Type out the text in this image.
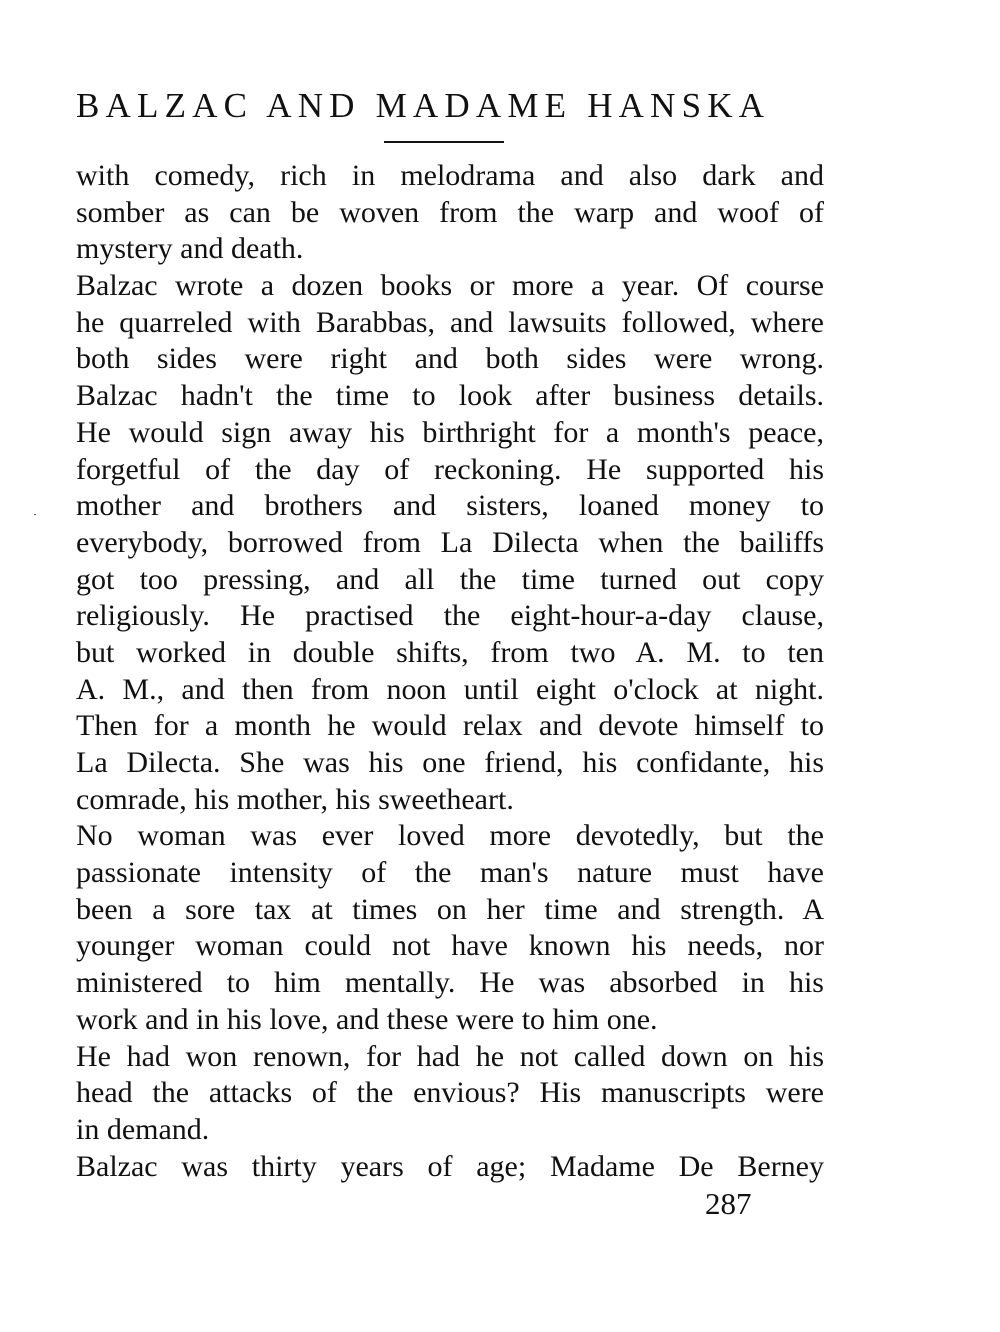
BALZAC AND MADAME HANSKA
with comedy, rich in melodrama and also dark and
somber as can be woven from the warp and woof of
mystery and death.
Balzac wrote a dozen books or more a year. Of course
he quarreled with Barabbas, and lawsuits followed, where
both sides were right and both sides were wrong.
Balzac hadn't the time to look after business details.
He would sign away his birthright for a month's peace,
forgetful of the day of reckoning. He supported his
mother and brothers and sisters, loaned money to
everybody, borrowed from La Dilecta when the bailiffs
got too pressing, and all the time turned out copy
religiously. He practised the eight-hour-a-day clause,
but worked in double shifts, from two A. M. to ten
A. M., and then from noon until eight o'clock at night.
Then for a month he would relax and devote himself to
La Dilecta. She was his one friend, his confidante, his
comrade, his mother, his sweetheart.
No woman was ever loved more devotedly, but the
passionate intensity of the man's nature must have
been a sore tax at times on her time and strength. A
younger woman could not have known his needs, nor
ministered to him mentally. He was absorbed in his
work and in his love, and these were to him one.
He had won renown, for had he not called down on his
head the attacks of the envious? His manuscripts were
in demand.
Balzac was thirty years of age; Madame De Berney
287
